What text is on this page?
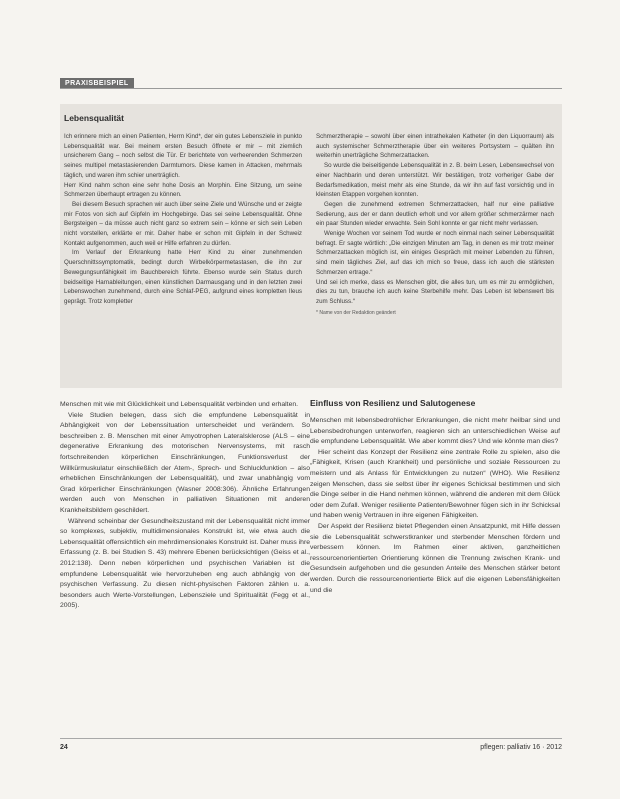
PRAXISBEISPIEL
Lebensqualität

Ich erinnere mich an einen Patienten, Herrn Kind*, der ein gutes Lebensziele in punkto Lebensqualität war. Bei meinem ersten Besuch öffnete er mir – mit ziemlich unsicherem Gang – noch selbst die Tür. Er berichtete von verheerenden Schmerzen seines multipel metastasierenden Darmtumors. Diese kamen in Attacken, mehrmals täglich, und waren ihm schier unerträglich.

Herr Kind nahm schon eine sehr hohe Dosis an Morphin. Eine Sitzung, um seine Schmerzen überhaupt ertragen zu können.

Bei diesem Besuch sprachen wir auch über seine Ziele und Wünsche und er zeigte mir Fotos von sich auf Gipfeln im Hochgebirge. Das sei seine Lebensqualität. Ohne Bergsteigen – da müsse auch nicht ganz so extrem sein – könne er sich sein Leben nicht vorstellen, erklärte er mir. Daher habe er schon mit Gipfeln in der Schweiz Kontakt aufgenommen, auch weil er Hilfe erfahren zu dürfen.

Im Verlauf der Erkrankung hatte Herr Kind zu einer zunehmenden Querschnittssymptomatik, bedingt durch Wirbelkörpermetastasen, die ihn zur Bewegungsunfähigkeit im Bauchbereich führte. Ebenso wurde sein Status durch beidseitige Harnableitungen, einen künstlichen Darmausgang und in den letzten zwei Lebenswochen zunehmend, durch eine Schlaf-PEG, aufgrund eines kompletten Ileus geprägt. Trotz kompletter

Schmerztherapie – sowohl über einen intrathekalen Katheter (in den Liquorraum) als auch systemischer Schmerztherapie über ein weiteres Portsystem – quälten ihn weiterhin unerträgliche Schmerzattacken.

So wurde die beiseitigende Lebensqualität in z. B. beim Lesen, Lebenswechsel von einer Nachbarin und deren unterstützt. Wir bestätigen, trotz vorheriger Gabe der Bedarfsmedikation, meist mehr als eine Stunde, da wir ihn auf fast vorsichtig und in kleinsten Etappen vorgehen konnten.

Gegen die zunehmend extremen Schmerzattacken, half nur eine palliative Sedierung, aus der er dann deutlich erholt und vor allem größer schmerzärmer nach ein paar Stunden wieder erwachte. Sein Sohl konnte er gar nicht mehr verlassen.

Wenige Wochen vor seinem Tod wurde er noch einmal nach seiner Lebensqualität befragt. Er sagte wörtlich: „Die einzigen Minuten am Tag, in denen es mir trotz meiner Schmerzattacken möglich ist, ein einiges Gespräch mit meiner Lebenden zu führen, sind mein tägliches Ziel, auf das ich mich so freue, dass ich auch die stärksten Schmerzen ertrage.“

Und sei ich merke, dass es Menschen gibt, die alles tun, um es mir zu ermöglichen, dies zu tun, brauche ich auch keine Sterbehilfe mehr. Das Leben ist lebenswert bis zum Schluss.“

* Name von der Redaktion geändert

Menschen mit wie mit Glücklichkeit und Lebensqualität verbinden und erhalten.

Viele Studien belegen, dass sich die empfundene Lebensqualität in Abhängigkeit von der Lebenssituation unterscheidet und verändern. So beschreiben z. B. Menschen mit einer Amyotrophen Lateralsklerose (ALS – eine degenerative Erkrankung des motorischen Nervensystems, mit rasch fortschreitenden körperlichen Einschränkungen, Funktionsverlust der Willkürmuskulatur einschließlich der Atem-, Sprech- und Schluckfunktion – also erheblichen Einschränkungen der Lebensqualität), und zwar unabhängig vom Grad körperlicher Einschränkungen (Wasner 2008:306). Ähnliche Erfahrungen werden auch von Menschen in palliativen Situationen mit anderen Krankheitsbildern geschildert.

Während scheinbar der Gesundheitszustand mit der Lebensqualität nicht immer so komplexes, subjektiv, multidimensionales Konstrukt ist, wie etwa auch die Lebensqualität offensichtlich ein mehrdimensionales Konstrukt ist. Daher muss ihre Erfassung (z. B. bei Studien S. 43) mehrere Ebenen berücksichtigen (Geiss et al., 2012:138). Denn neben körperlichen und psychischen Variablen ist die empfundene Lebensqualität wie hervorzuheben eng auch abhängig von der psychischen Verfassung. Zu diesen nicht-physischen Faktoren zählen u. a. besonders auch Werte-Vorstellungen, Lebensziele und Spiritualität (Fegg et al., 2005).

Einfluss von Resilienz und Salutogenese

Menschen mit lebensbedrohlicher Erkrankungen, die nicht mehr heilbar sind und Lebensbedrohungen unterworfen, reagieren sich an unterschiedlichen Weise auf die empfundene Lebensqualität. Wie aber kommt dies? Und wie könnte man dies?

Hier scheint das Konzept der Resilienz eine zentrale Rolle zu spielen, also die „Fähigkeit, Krisen (auch Krankheit) und persönliche und soziale Ressourcen zu meistern und als Anlass für Entwicklungen zu nutzen“ (WHO). Wie Resilienz zeigen Menschen, dass sie selbst über ihr eigenes Schicksal bestimmen und sich die Dinge selber in die Hand nehmen können, während die anderen mit dem Glück oder dem Zufall. Weniger resiliente Patienten/Bewohner fügen sich in ihr Schicksal und haben wenig Vertrauen in ihre eigenen Fähigkeiten.

Der Aspekt der Resilienz bietet Pflegenden einen Ansatzpunkt, mit Hilfe dessen sie die Lebensqualität schwerstkranker und sterbender Menschen fördern und verbessern können. Im Rahmen einer aktiven, ganzheitlichen ressourcenorientierten Orientierung können die Trennung zwischen Krank- und Gesundsein aufgehoben und die gesunden Anteile des Menschen stärker betont werden. Durch die ressourcenorientierte Blick auf die eigenen Lebensfähigkeiten und die

24	pflegen: palliativ 16 · 2012
